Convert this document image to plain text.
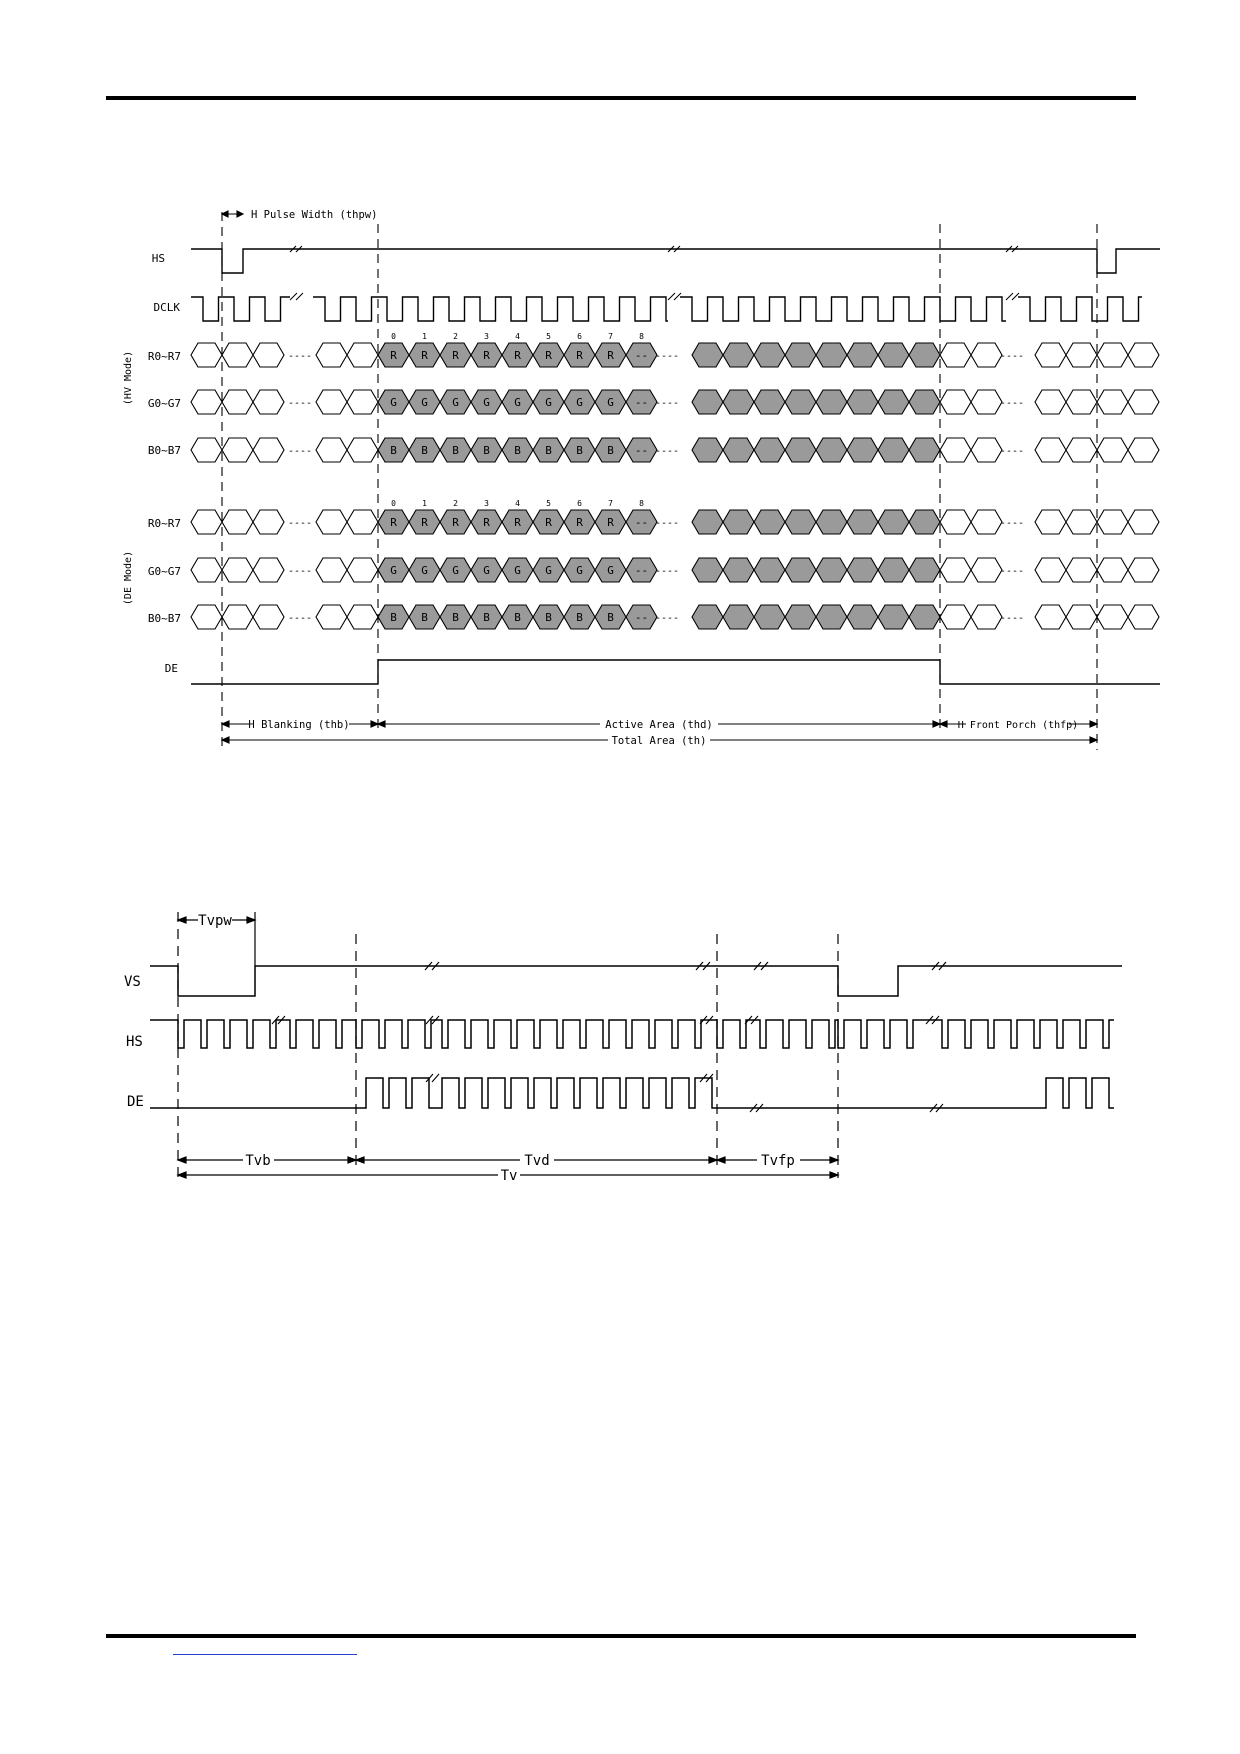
HS
DCLK
R0~R7
G0~G7
B0~B7
R0~R7
G0~G7
B0~B7
DE
(HV Mode)
(DE Mode)
----	R
0
R
1
R
2
R
3
R
4
R
5
R
6
R
7
--
8
----	----
----	G G G G G G G G -- ----	----
----	B B B B B B B B -- ----	----
----	R
0
R
1
R
2
R
3
R
4
R
5
R
6
R
7
--
8
----	----
----	G G G G G G G G -- ----	----
----	B B B B B B B B -- ----	----
H Pulse Width (thpw)
H Blanking (thb)	Active Area (thd)	H Front Porch (thfp)
Total Area (th)
VS
HS
DE
Tvpw
Tvb	Tvd	Tvfp
Tv
